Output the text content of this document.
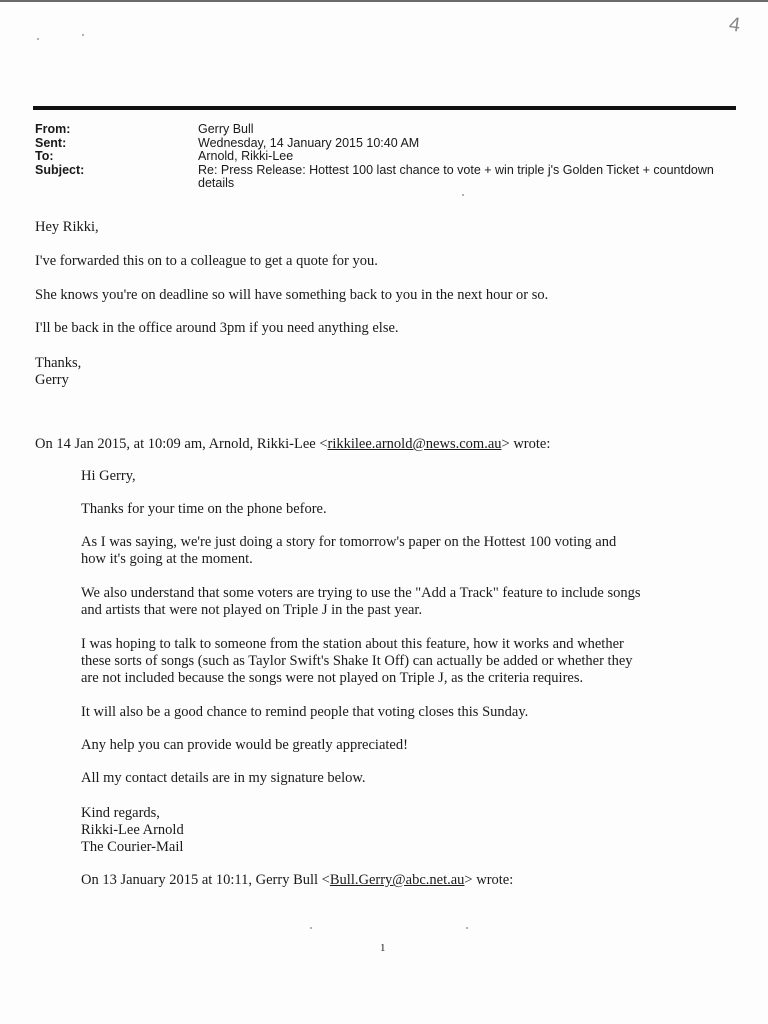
4
From:	Gerry Bull
Sent:	Wednesday, 14 January 2015 10:40 AM
To:	Arnold, Rikki-Lee
Subject:	Re: Press Release: Hottest 100 last chance to vote + win triple j's Golden Ticket + countdown
details
Hey Rikki,
I've forwarded this on to a colleague to get a quote for you.
She knows you're on deadline so will have something back to you in the next hour or so.
I'll be back in the office around 3pm if you need anything else.
Thanks,
Gerry
On 14 Jan 2015, at 10:09 am, Arnold, Rikki-Lee <rikkilee.arnold@news.com.au> wrote:
Hi Gerry,
Thanks for your time on the phone before.
As I was saying, we're just doing a story for tomorrow's paper on the Hottest 100 voting and
how it's going at the moment.
We also understand that some voters are trying to use the "Add a Track" feature to include songs
and artists that were not played on Triple J in the past year.
I was hoping to talk to someone from the station about this feature, how it works and whether
these sorts of songs (such as Taylor Swift's Shake It Off) can actually be added or whether they
are not included because the songs were not played on Triple J, as the criteria requires.
It will also be a good chance to remind people that voting closes this Sunday.
Any help you can provide would be greatly appreciated!
All my contact details are in my signature below.
Kind regards,
Rikki-Lee Arnold
The Courier-Mail
On 13 January 2015 at 10:11, Gerry Bull <Bull.Gerry@abc.net.au> wrote:
1
